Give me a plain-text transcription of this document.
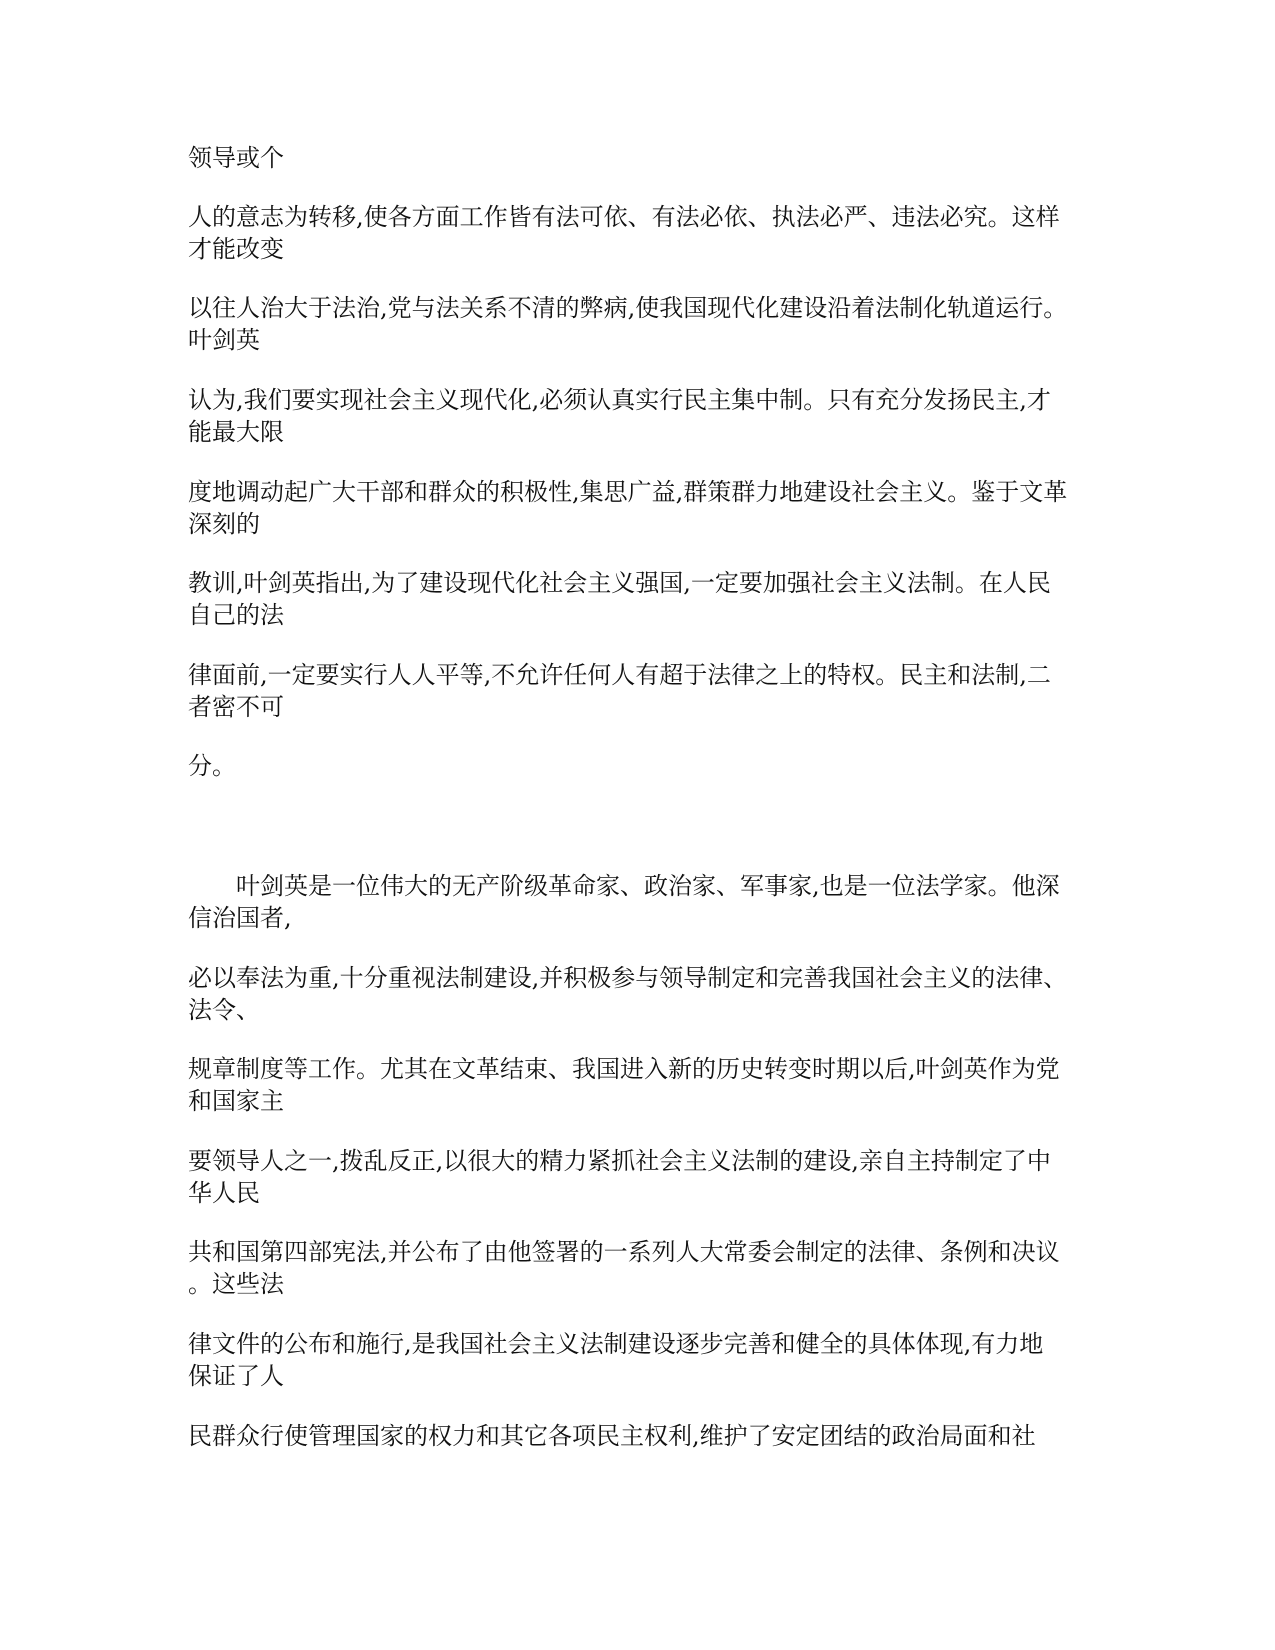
领导或个

人的意志为转移,使各方面工作皆有法可依、有法必依、执法必严、违法必究。这样

才能改变

以往人治大于法治,党与法关系不清的弊病,使我国现代化建设沿着法制化轨道运行。

叶剑英

认为,我们要实现社会主义现代化,必须认真实行民主集中制。只有充分发扬民主,才

能最大限

度地调动起广大干部和群众的积极性,集思广益,群策群力地建设社会主义。鉴于文革

深刻的

教训,叶剑英指出,为了建设现代化社会主义强国,一定要加强社会主义法制。在人民

自己的法

律面前,一定要实行人人平等,不允许任何人有超于法律之上的特权。民主和法制,二

者密不可

分。

叶剑英是一位伟大的无产阶级革命家、政治家、军事家,也是一位法学家。他深

信治国者,

必以奉法为重,十分重视法制建设,并积极参与领导制定和完善我国社会主义的法律、

法令、

规章制度等工作。尤其在文革结束、我国进入新的历史转变时期以后,叶剑英作为党

和国家主

要领导人之一,拨乱反正,以很大的精力紧抓社会主义法制的建设,亲自主持制定了中

华人民

共和国第四部宪法,并公布了由他签署的一系列人大常委会制定的法律、条例和决议

。这些法

律文件的公布和施行,是我国社会主义法制建设逐步完善和健全的具体体现,有力地

保证了人

民群众行使管理国家的权力和其它各项民主权利,维护了安定团结的政治局面和社
